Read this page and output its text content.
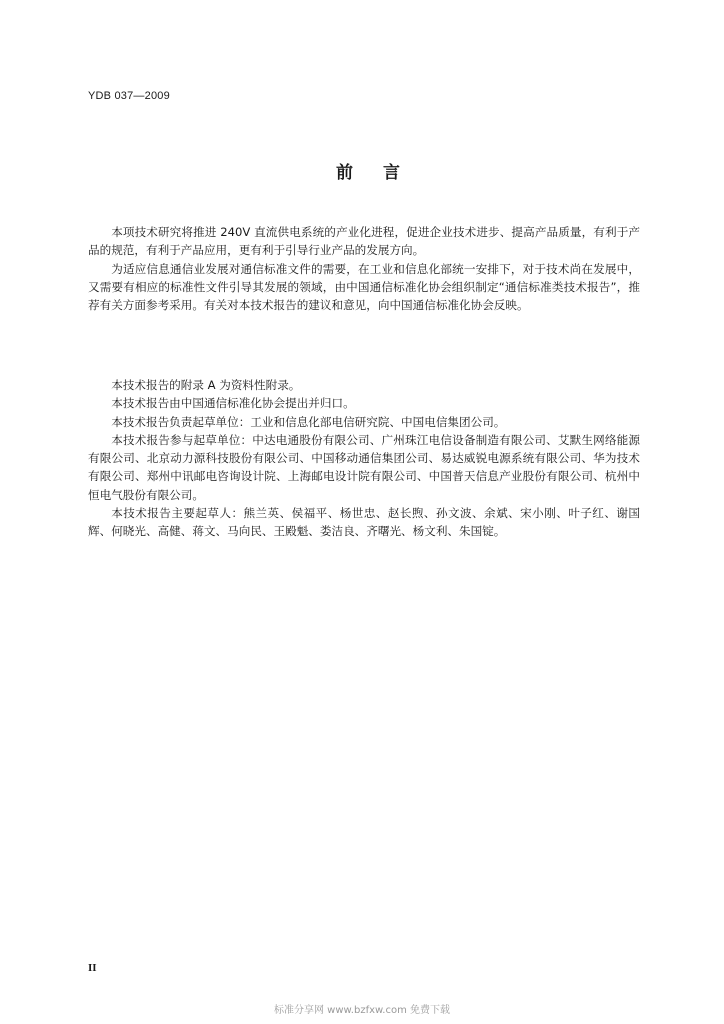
YDB 037—2009
前 言

本项技术研究将推进 240V 直流供电系统的产业化进程，促进企业技术进步、提高产品质量，有利于产品的规范，有利于产品应用，更有利于引导行业产品的发展方向。

为适应信息通信业发展对通信标准文件的需要，在工业和信息化部统一安排下，对于技术尚在发展中，又需要有相应的标准性文件引导其发展的领域，由中国通信标准化协会组织制定“通信标准类技术报告”，推荐有关方面参考采用。有关对本技术报告的建议和意见，向中国通信标准化协会反映。

本技术报告的附录 A 为资料性附录。

本技术报告由中国通信标准化协会提出并归口。

本技术报告负责起草单位：工业和信息化部电信研究院、中国电信集团公司。

本技术报告参与起草单位：中达电通股份有限公司、广州珠江电信设备制造有限公司、艾默生网络能源有限公司、北京动力源科技股份有限公司、中国移动通信集团公司、易达威锐电源系统有限公司、华为技术有限公司、郑州中讯邮电咨询设计院、上海邮电设计院有限公司、中国普天信息产业股份有限公司、杭州中恒电气股份有限公司。

本技术报告主要起草人：熊兰英、侯福平、杨世忠、赵长煦、孙文波、余斌、宋小刚、叶子红、谢国辉、何晓光、高健、蒋文、马向民、王殿魁、娄洁良、齐曙光、杨文利、朱国锭。

II
标准分享网 www.bzfxw.com 免费下载
